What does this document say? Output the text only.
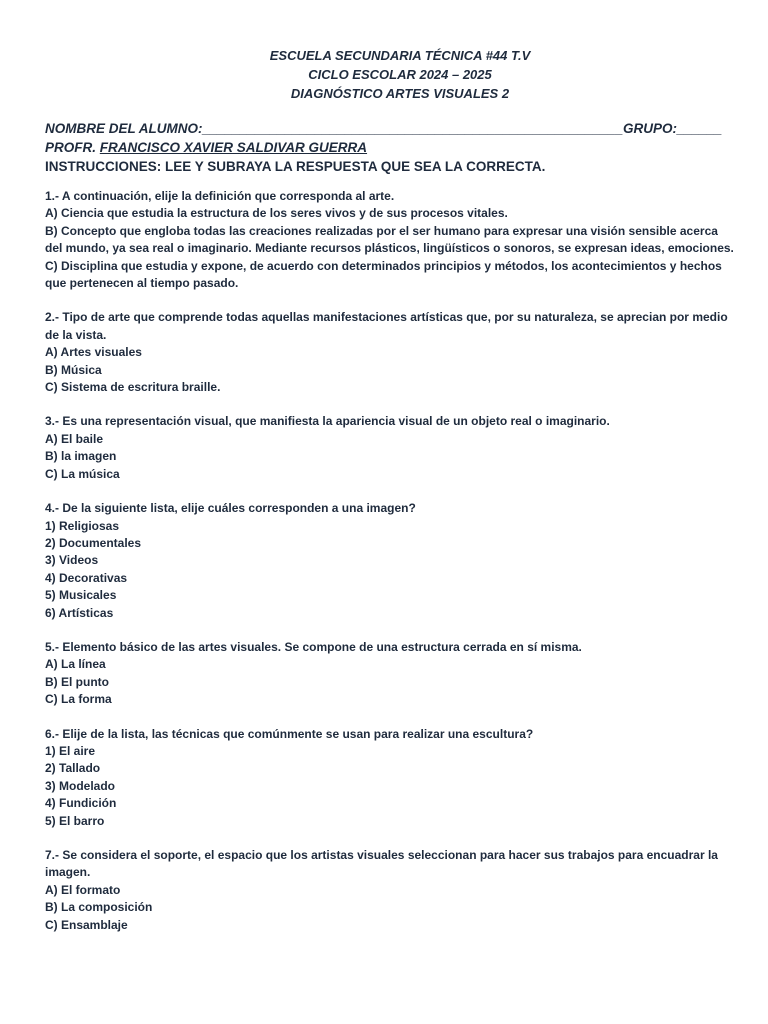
ESCUELA SECUNDARIA TÉCNICA #44 T.V
CICLO ESCOLAR 2024 – 2025
DIAGNÓSTICO ARTES VISUALES 2
NOMBRE DEL ALUMNO:________________________________________________________GRUPO:______
PROFR. FRANCISCO XAVIER SALDIVAR GUERRA
INSTRUCCIONES: LEE Y SUBRAYA LA RESPUESTA QUE SEA LA CORRECTA.
1.- A continuación, elije la definición que corresponda al arte.
A) Ciencia que estudia la estructura de los seres vivos y de sus procesos vitales.
B) Concepto que engloba todas las creaciones realizadas por el ser humano para expresar una visión sensible acerca del mundo, ya sea real o imaginario. Mediante recursos plásticos, lingüísticos o sonoros, se expresan ideas, emociones.
C) Disciplina que estudia y expone, de acuerdo con determinados principios y métodos, los acontecimientos y hechos que pertenecen al tiempo pasado.
2.- Tipo de arte que comprende todas aquellas manifestaciones artísticas que, por su naturaleza, se aprecian por medio de la vista.
A) Artes visuales
B) Música
C) Sistema de escritura braille.
3.- Es una representación visual, que manifiesta la apariencia visual de un objeto real o imaginario.
A) El baile
B) la imagen
C) La música
4.- De la siguiente lista, elije cuáles corresponden a una imagen?
1) Religiosas
2) Documentales
3) Videos
4) Decorativas
5) Musicales
6) Artísticas
5.- Elemento básico de las artes visuales. Se compone de una estructura cerrada en sí misma.
A) La línea
B) El punto
C) La forma
6.- Elije de la lista, las técnicas que comúnmente se usan para realizar una escultura?
1) El aire
2) Tallado
3) Modelado
4) Fundición
5) El barro
7.- Se considera el soporte, el espacio que los artistas visuales seleccionan para hacer sus trabajos para encuadrar la imagen.
A) El formato
B) La composición
C) Ensamblaje
